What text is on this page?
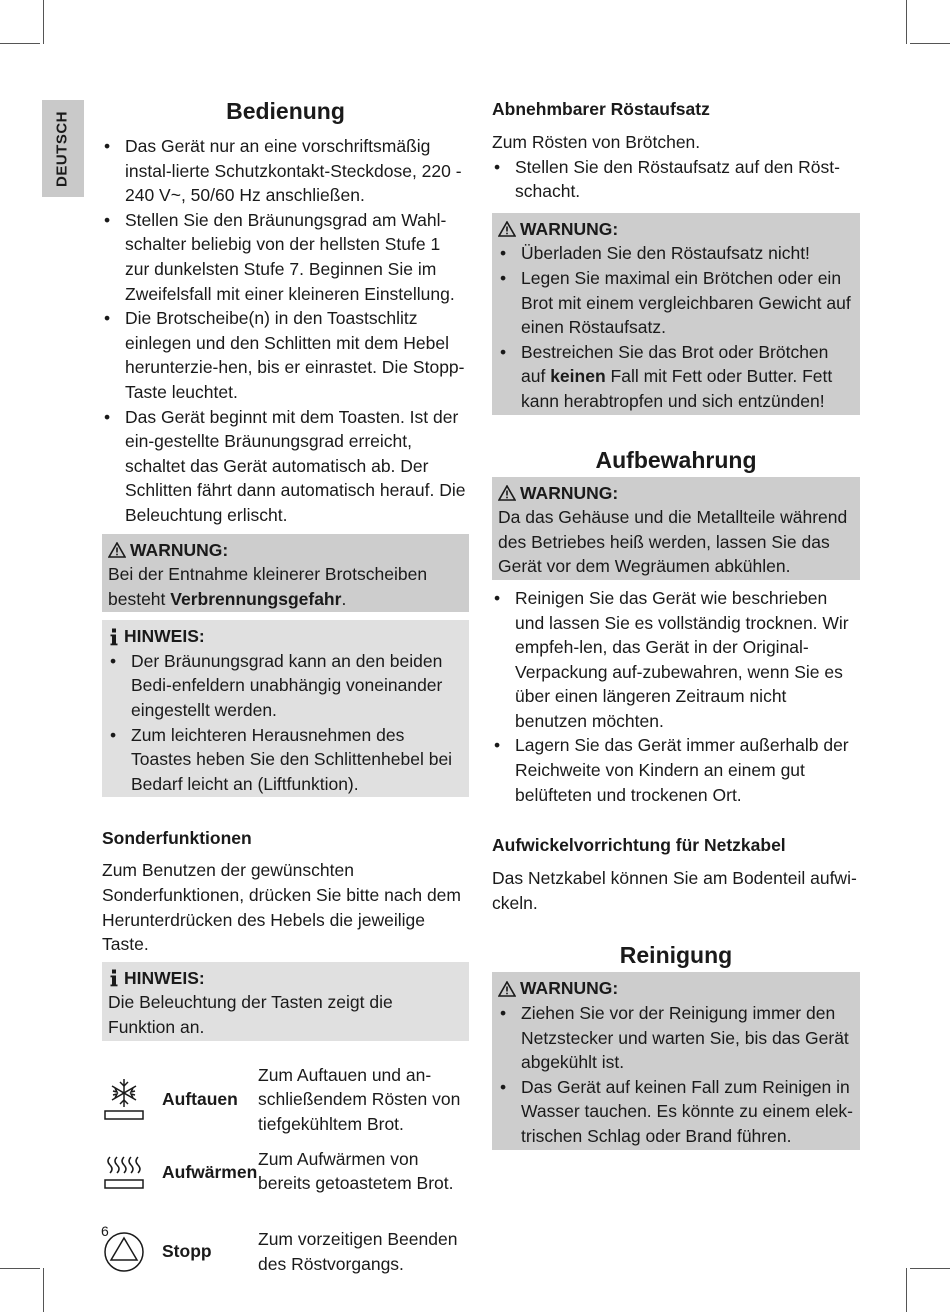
DEUTSCH	Bedienung
• Das Gerät nur an eine vorschriftsmäßig instal-lierte Schutzkontakt-Steckdose, 220 - 240 V~, 50/60 Hz anschließen.
• Stellen Sie den Bräunungsgrad am Wahl-schalter beliebig von der hellsten Stufe 1 zur dunkelsten Stufe 7. Beginnen Sie im Zweifelsfall mit einer kleineren Einstellung.
• Die Brotscheibe(n) in den Toastschlitz einlegen und den Schlitten mit dem Hebel herunterzie-hen, bis er einrastet. Die Stopp-Taste leuchtet.
• Das Gerät beginnt mit dem Toasten. Ist der ein-gestellte Bräunungsgrad erreicht, schaltet das Gerät automatisch ab. Der Schlitten fährt dann automatisch herauf. Die Beleuchtung erlischt.
WARNUNG:

Bei der Entnahme kleinerer Brotscheiben besteht Verbrennungsgefahr.

HINWEIS:
• Der Bräunungsgrad kann an den beiden Bedi-enfeldern unabhängig voneinander eingestellt werden.
• Zum leichteren Herausnehmen des Toastes heben Sie den Schlittenhebel bei Bedarf leicht an (Liftfunktion).
Sonderfunktionen

Zum Benutzen der gewünschten Sonderfunktionen, drücken Sie bitte nach dem Herunterdrücken des Hebels die jeweilige Taste.

HINWEIS:

Die Beleuchtung der Tasten zeigt die Funktion an.

Auftauen
Zum Auftauen und an-schließendem Rösten von tiefgekühltem Brot.
Aufwärmen
Zum Aufwärmen von bereits getoastetem Brot.
Stopp
Zum vorzeitigen Beenden des Röstvorgangs.
Abnehmbarer Röstaufsatz

Zum Rösten von Brötchen.

• Stellen Sie den Röstaufsatz auf den Röst-schacht.
WARNUNG:
• Überladen Sie den Röstaufsatz nicht!
• Legen Sie maximal ein Brötchen oder ein Brot mit einem vergleichbaren Gewicht auf einen Röstaufsatz.
• Bestreichen Sie das Brot oder Brötchen auf keinen Fall mit Fett oder Butter. Fett kann herabtropfen und sich entzünden!
Aufbewahrung
WARNUNG:

Da das Gehäuse und die Metallteile während des Betriebes heiß werden, lassen Sie das Gerät vor dem Wegräumen abkühlen.

• Reinigen Sie das Gerät wie beschrieben und lassen Sie es vollständig trocknen. Wir empfeh-len, das Gerät in der Original-Verpackung auf-zubewahren, wenn Sie es über einen längeren Zeitraum nicht benutzen möchten.
• Lagern Sie das Gerät immer außerhalb der Reichweite von Kindern an einem gut belüfteten und trockenen Ort.
Aufwickelvorrichtung für Netzkabel

Das Netzkabel können Sie am Bodenteil aufwi-ckeln.

Reinigung
WARNUNG:
• Ziehen Sie vor der Reinigung immer den Netzstecker und warten Sie, bis das Gerät abgekühlt ist.
• Das Gerät auf keinen Fall zum Reinigen in Wasser tauchen. Es könnte zu einem elek-trischen Schlag oder Brand führen.
6
